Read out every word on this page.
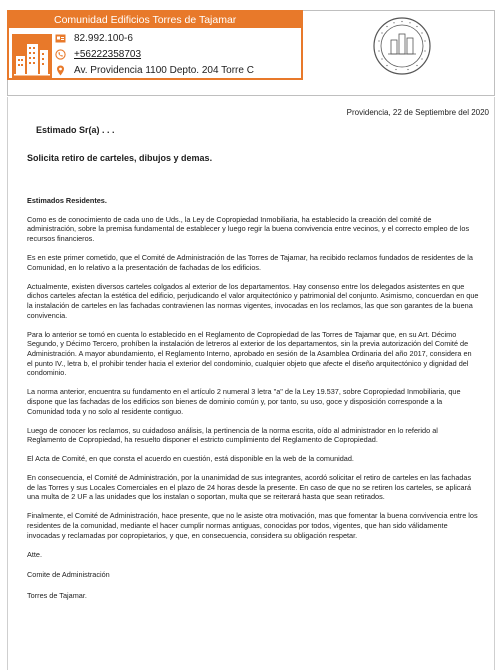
Comunidad Edificios Torres de Tajamar
82.992.100-6
+56222358703
Av. Providencia 1100 Depto. 204 Torre C
Providencia, 22 de Septiembre del 2020
Estimado Sr(a) . . .
Solicita retiro de carteles, dibujos y demas.

Estimados Residentes.

Como es de conocimiento de cada uno de Uds., la Ley de Copropiedad Inmobiliaria, ha establecido la creación del comité de administración, sobre la premisa fundamental de establecer y luego regir la buena convivencia entre vecinos, y el correcto empleo de los recursos financieros.

Es en este primer cometido, que el Comité de Administración de las Torres de Tajamar, ha recibido reclamos fundados de residentes de la Comunidad, en lo relativo a la presentación de fachadas de los edificios.

Actualmente, existen diversos carteles colgados al exterior de los departamentos. Hay consenso entre los delegados asistentes en que dichos carteles afectan la estética del edificio, perjudicando el valor arquitectónico y patrimonial del conjunto. Asimismo, concuerdan en que la instalación de carteles en las fachadas contravienen las normas vigentes, invocadas en los reclamos, las que son garantes de la buena convivencia.

Para lo anterior se tomó en cuenta lo establecido en el Reglamento de Copropiedad de las Torres de Tajamar que, en su Art. Décimo Segundo, y Décimo Tercero, prohíben la instalación de letreros al exterior de los departamentos, sin la previa autorización del Comité de Administración. A mayor abundamiento, el Reglamento Interno, aprobado en sesión de la Asamblea Ordinaria del año 2017, considera en el punto IV., letra b, el prohibir tender hacia el exterior del condominio, cualquier objeto que afecte el diseño arquitectónico y dignidad del condominio.

La norma anterior, encuentra su fundamento en el artículo 2 numeral 3 letra "a" de la Ley 19.537, sobre Copropiedad Inmobiliaria, que dispone que las fachadas de los edificios son bienes de dominio común y, por tanto, su uso, goce y disposición corresponde a la Comunidad toda y no solo al residente contiguo.

Luego de conocer los reclamos, su cuidadoso análisis, la pertinencia de la norma escrita, oído al administrador en lo referido al Reglamento de Copropiedad, ha resuelto disponer el estricto cumplimiento del Reglamento de Copropiedad.

El Acta de Comité, en que consta el acuerdo en cuestión, está disponible en la web de la comunidad.

En consecuencia, el Comité de Administración, por la unanimidad de sus integrantes, acordó solicitar el retiro de carteles en las fachadas de las Torres y sus Locales Comerciales en el plazo de 24 horas desde la presente. En caso de que no se retiren los carteles, se aplicará una multa de 2 UF a las unidades que los instalan o soportan, multa que se reiterará hasta que sean retirados.

Finalmente, el Comité de Administración, hace presente, que no le asiste otra motivación, mas que fomentar la buena convivencia entre los residentes de la comunidad, mediante el hacer cumplir normas antiguas, conocidas por todos, vigentes, que han sido válidamente invocadas y reclamadas por copropietarios, y que, en consecuencia, considera su obligación respetar.

Atte.

Comite de Administración

Torres de Tajamar.
